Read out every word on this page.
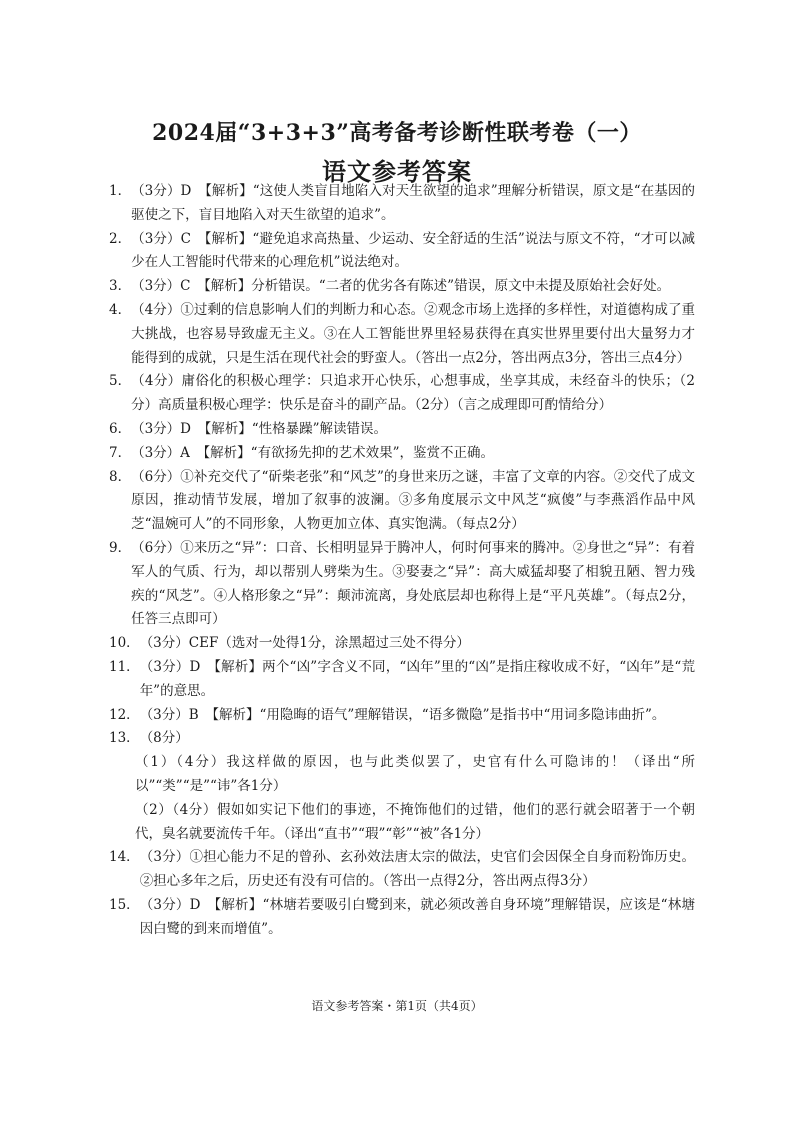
2024届“3+3+3”高考备考诊断性联考卷（一）
语文参考答案
1． （3分）D　【解析】“这使人类盲目地陷入对天生欲望的追求”理解分析错误，原文是“在基因的驱使之下，盲目地陷入对天生欲望的追求”。
2． （3分）C　【解析】“避免追求高热量、少运动、安全舒适的生活”说法与原文不符，“才可以减少在人工智能时代带来的心理危机”说法绝对。
3． （3分）C　【解析】分析错误。“二者的优劣各有陈述”错误，原文中未提及原始社会好处。
4． （4分）①过剩的信息影响人们的判断力和心态。②观念市场上选择的多样性，对道德构成了重大挑战，也容易导致虚无主义。③在人工智能世界里轻易获得在真实世界里要付出大量努力才能得到的成就，只是生活在现代社会的野蛮人。（答出一点2分，答出两点3分，答出三点4分）
5． （4分）庸俗化的积极心理学：只追求开心快乐，心想事成，坐享其成，未经奋斗的快乐；（2分）高质量积极心理学：快乐是奋斗的副产品。（2分）（言之成理即可酌情给分）
6． （3分）D　【解析】“性格暴躁”解读错误。
7． （3分）A　【解析】“有欲扬先抑的艺术效果”，鉴赏不正确。
8． （6分）①补充交代了“斫柴老张”和“风芝”的身世来历之谜，丰富了文章的内容。②交代了成文原因，推动情节发展，增加了叙事的波澜。③多角度展示文中风芝“疯傻”与李燕滔作品中风芝“温婉可人”的不同形象，人物更加立体、真实饱满。（每点2分）
9． （6分）①来历之“异”：口音、长相明显异于腾冲人，何时何事来的腾冲。②身世之“异”：有着军人的气质、行为，却以帮别人劈柴为生。③娶妻之“异”：高大威猛却娶了相貌丑陋、智力残疾的“风芝”。④人格形象之“异”：颠沛流离，身处底层却也称得上是“平凡英雄”。（每点2分，任答三点即可）
10． （3分）CEF（选对一处得1分，涂黑超过三处不得分）
11． （3分）D　【解析】两个“凶”字含义不同，“凶年”里的“凶”是指庄稼收成不好，“凶年”是“荒年”的意思。
12． （3分）B　【解析】“用隐晦的语气”理解错误，“语多微隐”是指书中“用词多隐讳曲折”。
13． （8分）
（1）（4分）我这样做的原因，也与此类似罢了，史官有什么可隐讳的！（译出“所以”“类”“是”“讳”各1分）
（2）（4分）假如如实记下他们的事迹，不掩饰他们的过错，他们的恶行就会昭著于一个朝代，臭名就要流传千年。（译出“直书”“瑕”“彰”“被”各1分）
14． （3分）①担心能力不足的曾孙、玄孙效法唐太宗的做法，史官们会因保全自身而粉饰历史。②担心多年之后，历史还有没有可信的。（答出一点得2分，答出两点得3分）
15． （3分）D　【解析】“林塘若要吸引白鹭到来，就必须改善自身环境”理解错误，应该是“林塘因白鹭的到来而增值”。
语文参考答案・第1页（共4页）
